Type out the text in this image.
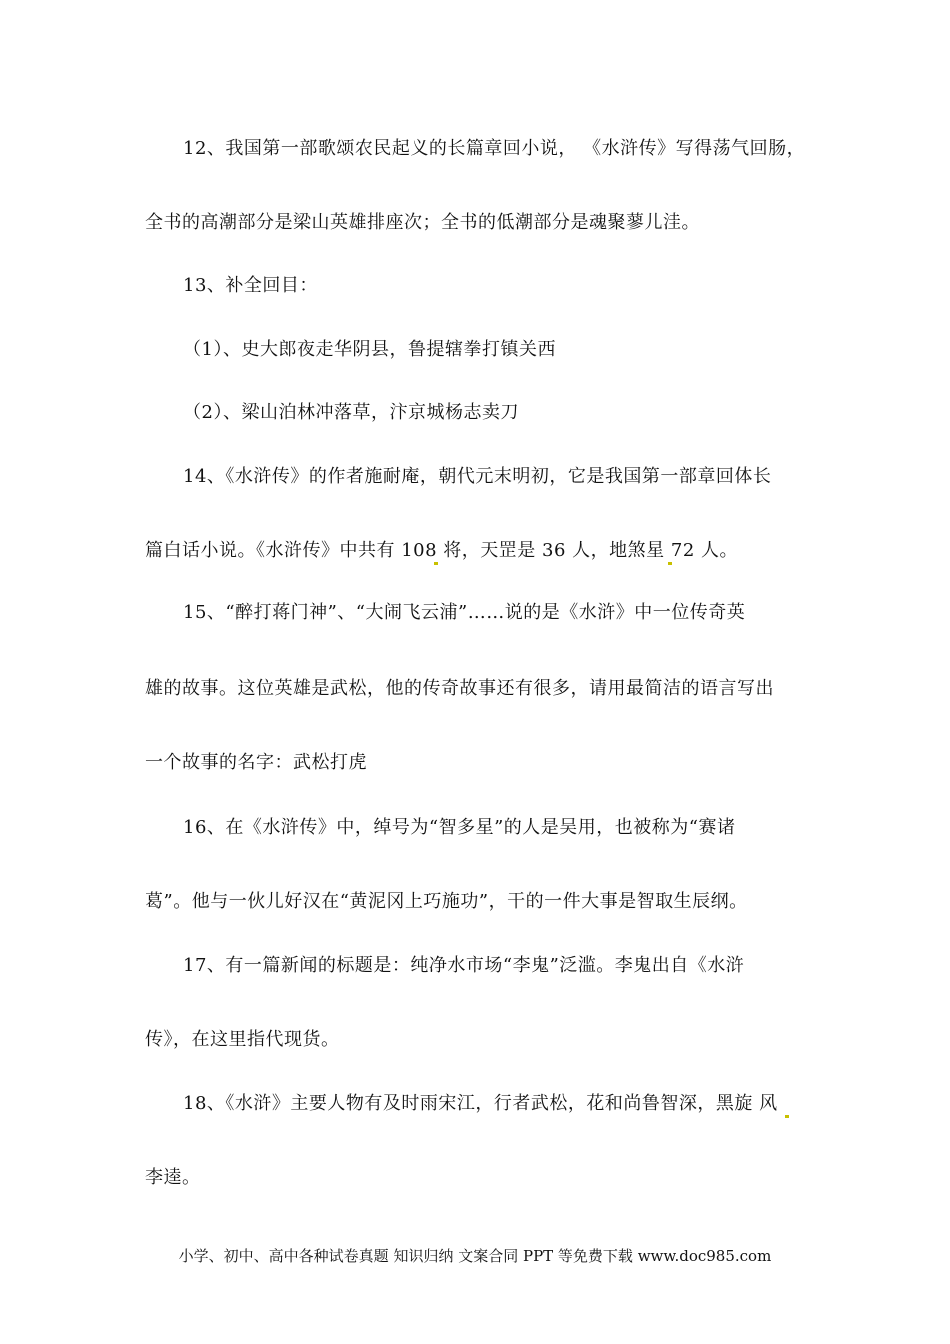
12、我国第一部歌颂农民起义的长篇章回小说， 《水浒传》写得荡气回肠，
全书的高潮部分是梁山英雄排座次；全书的低潮部分是魂聚蓼儿洼。
13、补全回目：
（1）、史大郎夜走华阴县，鲁提辖拳打镇关西
（2）、梁山泊林冲落草，汴京城杨志卖刀
14、《水浒传》的作者施耐庵，朝代元末明初，它是我国第一部章回体长
篇白话小说。《水浒传》中共有 108 将，天罡是 36 人，地煞星 72 人。
15、“醉打蒋门神”、“大闹飞云浦”……说的是《水浒》中一位传奇英
雄的故事。这位英雄是武松，他的传奇故事还有很多，请用最简洁的语言写出
一个故事的名字：武松打虎
16、在《水浒传》中，绰号为“智多星”的人是吴用，也被称为“赛诸
葛”。他与一伙儿好汉在“黄泥冈上巧施功”，干的一件大事是智取生辰纲。
17、有一篇新闻的标题是：纯净水市场“李鬼”泛滥。李鬼出自《水浒
传》，在这里指代现货。
18、《水浒》主要人物有及时雨宋江，行者武松，花和尚鲁智深，黑旋 风
李逵。
小学、初中、高中各种试卷真题 知识归纳 文案合同 PPT 等免费下载 www.doc985.com
